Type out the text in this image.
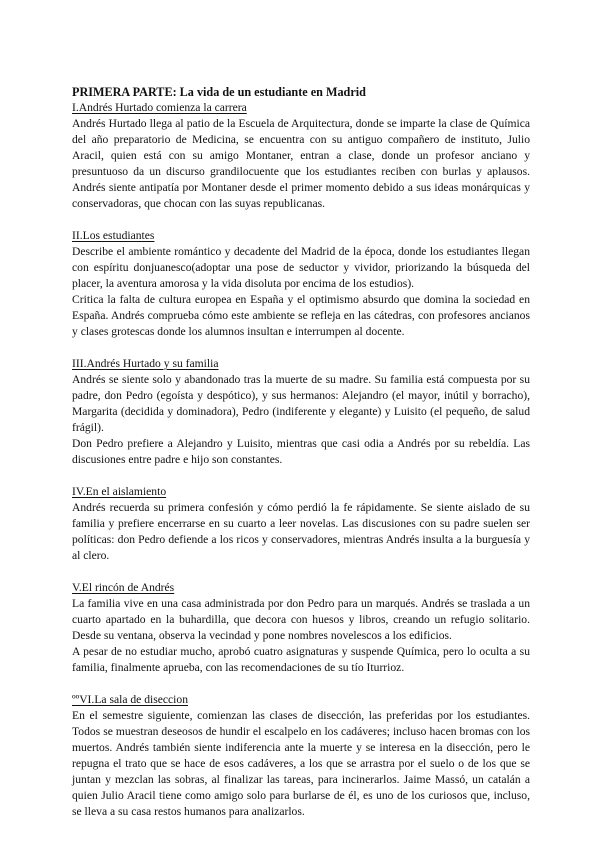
PRIMERA PARTE: La vida de un estudiante en Madrid

I.Andrés Hurtado comienza la carrera

Andrés Hurtado llega al patio de la Escuela de Arquitectura, donde se imparte la clase de Química del año preparatorio de Medicina, se encuentra con su antiguo compañero de instituto, Julio Aracil, quien está con su amigo Montaner, entran a clase, donde un profesor anciano y presuntuoso da un discurso grandilocuente que los estudiantes reciben con burlas y aplausos. Andrés siente antipatía por Montaner desde el primer momento debido a sus ideas monárquicas y conservadoras, que chocan con las suyas republicanas.

II.Los estudiantes

Describe el ambiente romántico y decadente del Madrid de la época, donde los estudiantes llegan con espíritu donjuanesco(adoptar una pose de seductor y vividor, priorizando la búsqueda del placer, la aventura amorosa y la vida disoluta por encima de los estudios).

Critica la falta de cultura europea en España y el optimismo absurdo que domina la sociedad en España. Andrés comprueba cómo este ambiente se refleja en las cátedras, con profesores ancianos y clases grotescas donde los alumnos insultan e interrumpen al docente.

III.Andrés Hurtado y su familia

Andrés se siente solo y abandonado tras la muerte de su madre. Su familia está compuesta por su padre, don Pedro (egoísta y despótico), y sus hermanos: Alejandro (el mayor, inútil y borracho), Margarita (decidida y dominadora), Pedro (indiferente y elegante) y Luisito (el pequeño, de salud frágil).

Don Pedro prefiere a Alejandro y Luisito, mientras que casi odia a Andrés por su rebeldía. Las discusiones entre padre e hijo son constantes.

IV.En el aislamiento

Andrés recuerda su primera confesión y cómo perdió la fe rápidamente. Se siente aislado de su familia y prefiere encerrarse en su cuarto a leer novelas. Las discusiones con su padre suelen ser políticas: don Pedro defiende a los ricos y conservadores, mientras Andrés insulta a la burguesía y al clero.

V.El rincón de Andrés

La familia vive en una casa administrada por don Pedro para un marqués. Andrés se traslada a un cuarto apartado en la buhardilla, que decora con huesos y libros, creando un refugio solitario. Desde su ventana, observa la vecindad y pone nombres novelescos a los edificios.

A pesar de no estudiar mucho, aprobó cuatro asignaturas y suspende Química, pero lo oculta a su familia, finalmente aprueba, con las recomendaciones de su tío Iturrioz.

ººVI.La sala de diseccion

En el semestre siguiente, comienzan las clases de disección, las preferidas por los estudiantes. Todos se muestran deseosos de hundir el escalpelo en los cadáveres; incluso hacen bromas con los muertos. Andrés también siente indiferencia ante la muerte y se interesa en la disección, pero le repugna el trato que se hace de esos cadáveres, a los que se arrastra por el suelo o de los que se juntan y mezclan las sobras, al finalizar las tareas, para incinerarlos. Jaime Massó, un catalán a quien Julio Aracil tiene como amigo solo para burlarse de él, es uno de los curiosos que, incluso, se lleva a su casa restos humanos para analizarlos.
